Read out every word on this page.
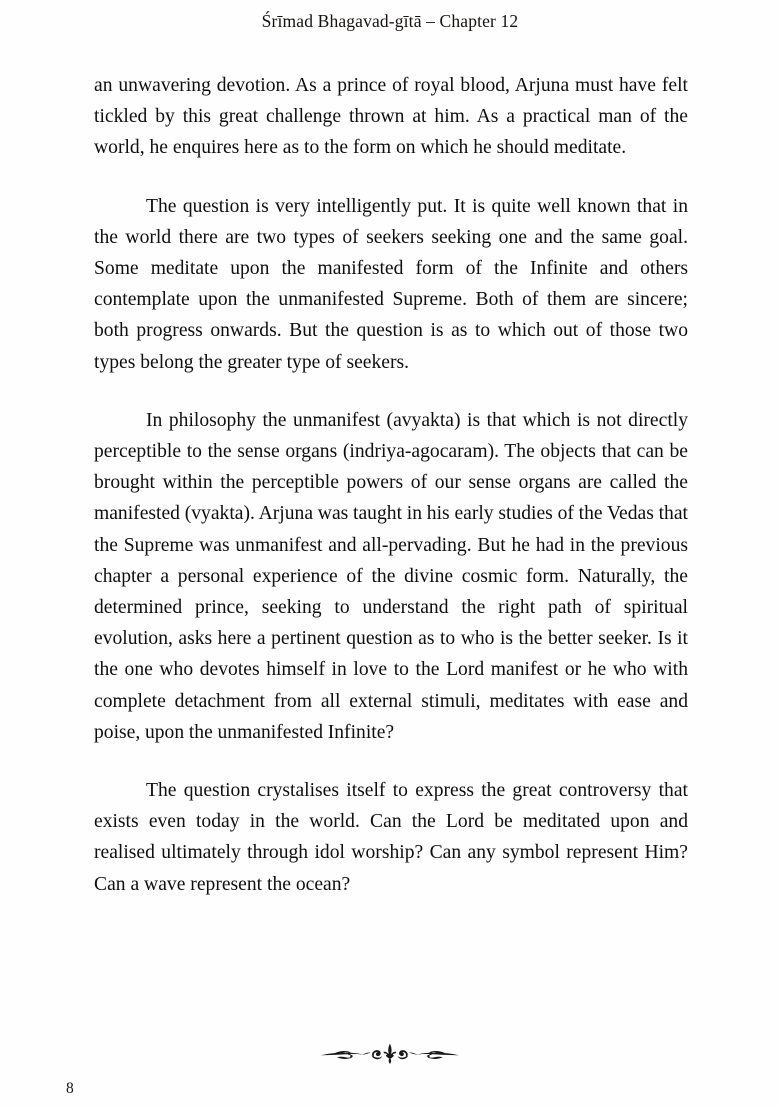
Śrīmad Bhagavad-gītā – Chapter 12

an unwavering devotion. As a prince of royal blood, Arjuna must have felt tickled by this great challenge thrown at him. As a practical man of the world, he enquires here as to the form on which he should meditate.

The question is very intelligently put. It is quite well known that in the world there are two types of seekers seeking one and the same goal. Some meditate upon the manifested form of the Infinite and others contemplate upon the unmanifested Supreme. Both of them are sincere; both progress onwards. But the question is as to which out of those two types belong the greater type of seekers.

In philosophy the unmanifest (avyakta) is that which is not directly perceptible to the sense organs (indriya-agocaram). The objects that can be brought within the perceptible powers of our sense organs are called the manifested (vyakta). Arjuna was taught in his early studies of the Vedas that the Supreme was unmanifest and all-pervading. But he had in the previous chapter a personal experience of the divine cosmic form. Naturally, the determined prince, seeking to understand the right path of spiritual evolution, asks here a pertinent question as to who is the better seeker. Is it the one who devotes himself in love to the Lord manifest or he who with complete detachment from all external stimuli, meditates with ease and poise, upon the unmanifested Infinite?

The question crystalises itself to express the great controversy that exists even today in the world. Can the Lord be meditated upon and realised ultimately through idol worship? Can any symbol represent Him? Can a wave represent the ocean?

8
